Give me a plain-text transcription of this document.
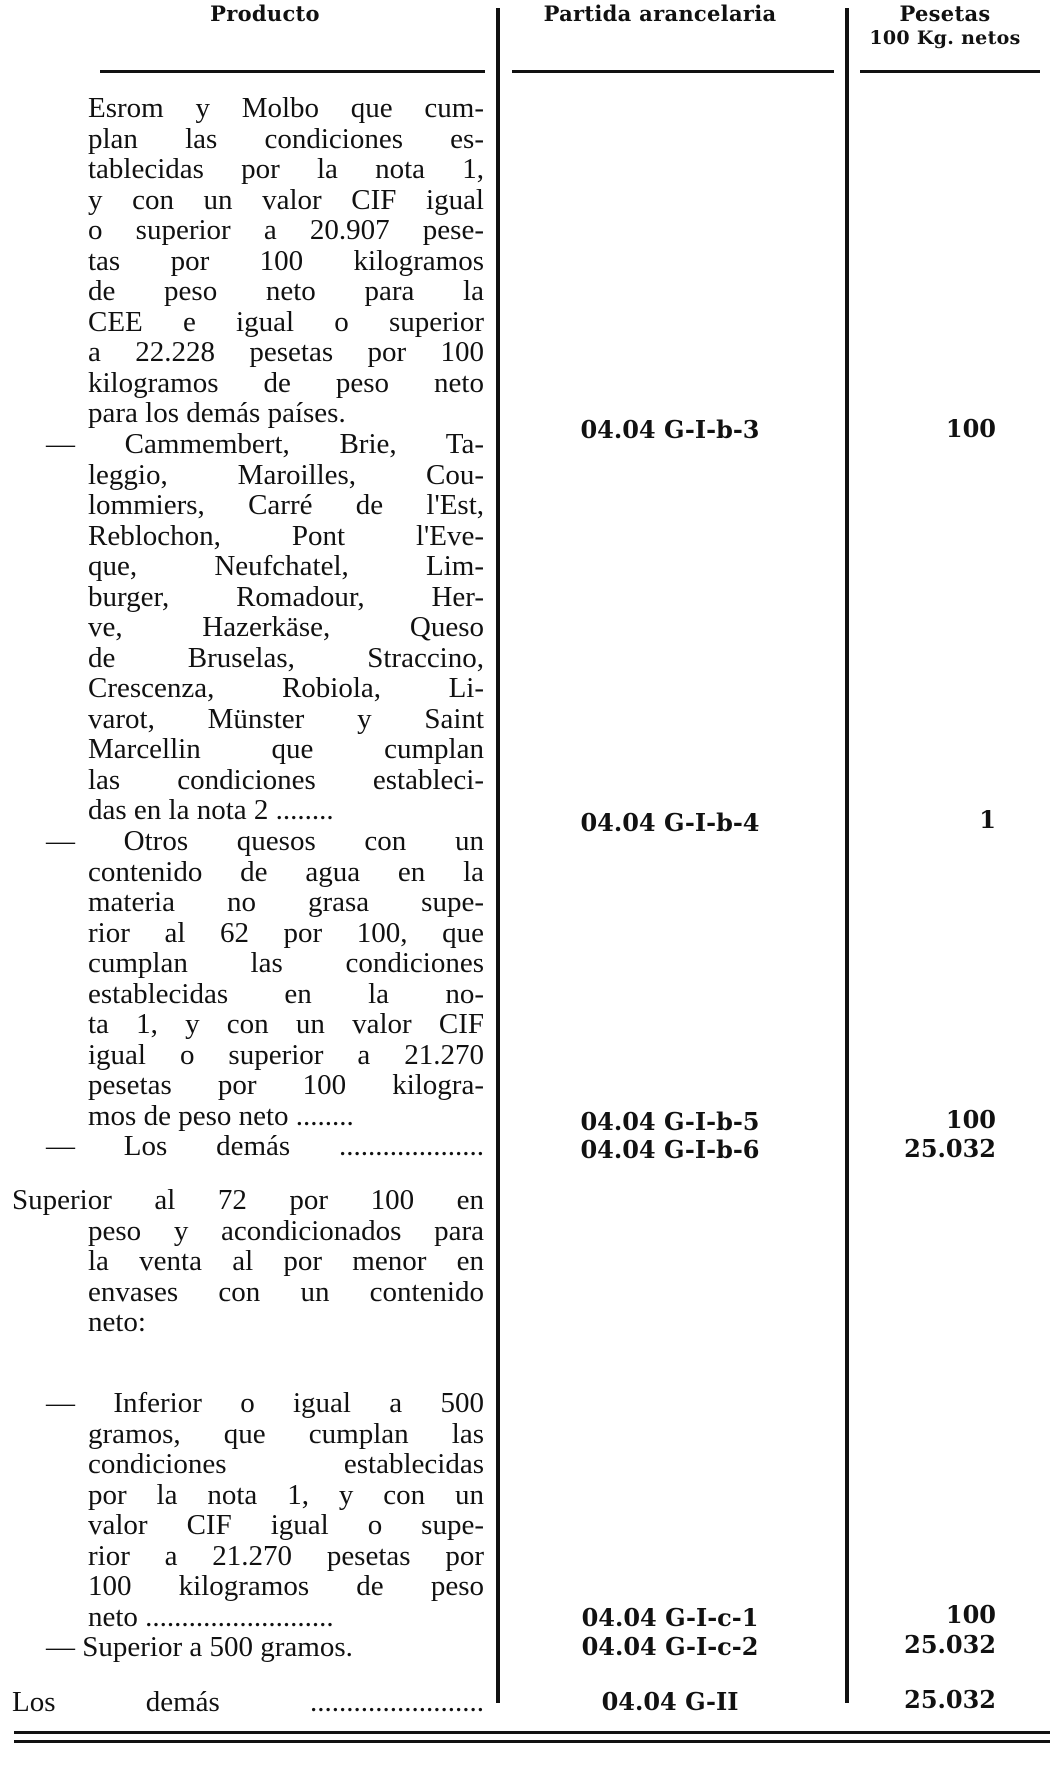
Producto	Partida arancelaria	Pesetas
100 Kg. netos
Esrom y Molbo que cum-
plan las condiciones es-
tablecidas por la nota 1,
y con un valor CIF igual
o superior a 20.907 pese-
tas por 100 kilogramos
de peso neto para la
CEE e igual o superior
a 22.228 pesetas por 100
kilogramos de peso neto
para los demás países.
— Cammembert, Brie, Ta-
leggio, Maroilles, Cou-
lommiers, Carré de l'Est,
Reblochon, Pont l'Eve-
que, Neufchatel, Lim-
burger, Romadour, Her-
ve, Hazerkäse, Queso
de Bruselas, Straccino,
Crescenza, Robiola, Li-
varot, Münster y Saint
Marcellin que cumplan
las condiciones estableci-
das en la nota 2 ........
— Otros quesos con un
contenido de agua en la
materia no grasa supe-
rior al 62 por 100, que
cumplan las condiciones
establecidas en la no-
ta 1, y con un valor CIF
igual o superior a 21.270
pesetas por 100 kilogra-
mos de peso neto ........
— Los demás ....................
Superior al 72 por 100 en
peso y acondicionados para
la venta al por menor en
envases con un contenido
neto:
— Inferior o igual a 500
gramos, que cumplan las
condiciones establecidas
por la nota 1, y con un
valor CIF igual o supe-
rior a 21.270 pesetas por
100 kilogramos de peso
neto ..........................
— Superior a 500 gramos.
Los demás ........................
04.04 G-I-b-3
04.04 G-I-b-4
04.04 G-I-b-5
04.04 G-I-b-6
04.04 G-I-c-1
04.04 G-I-c-2
04.04 G-II
100
1
100
25.032
100
25.032
25.032
